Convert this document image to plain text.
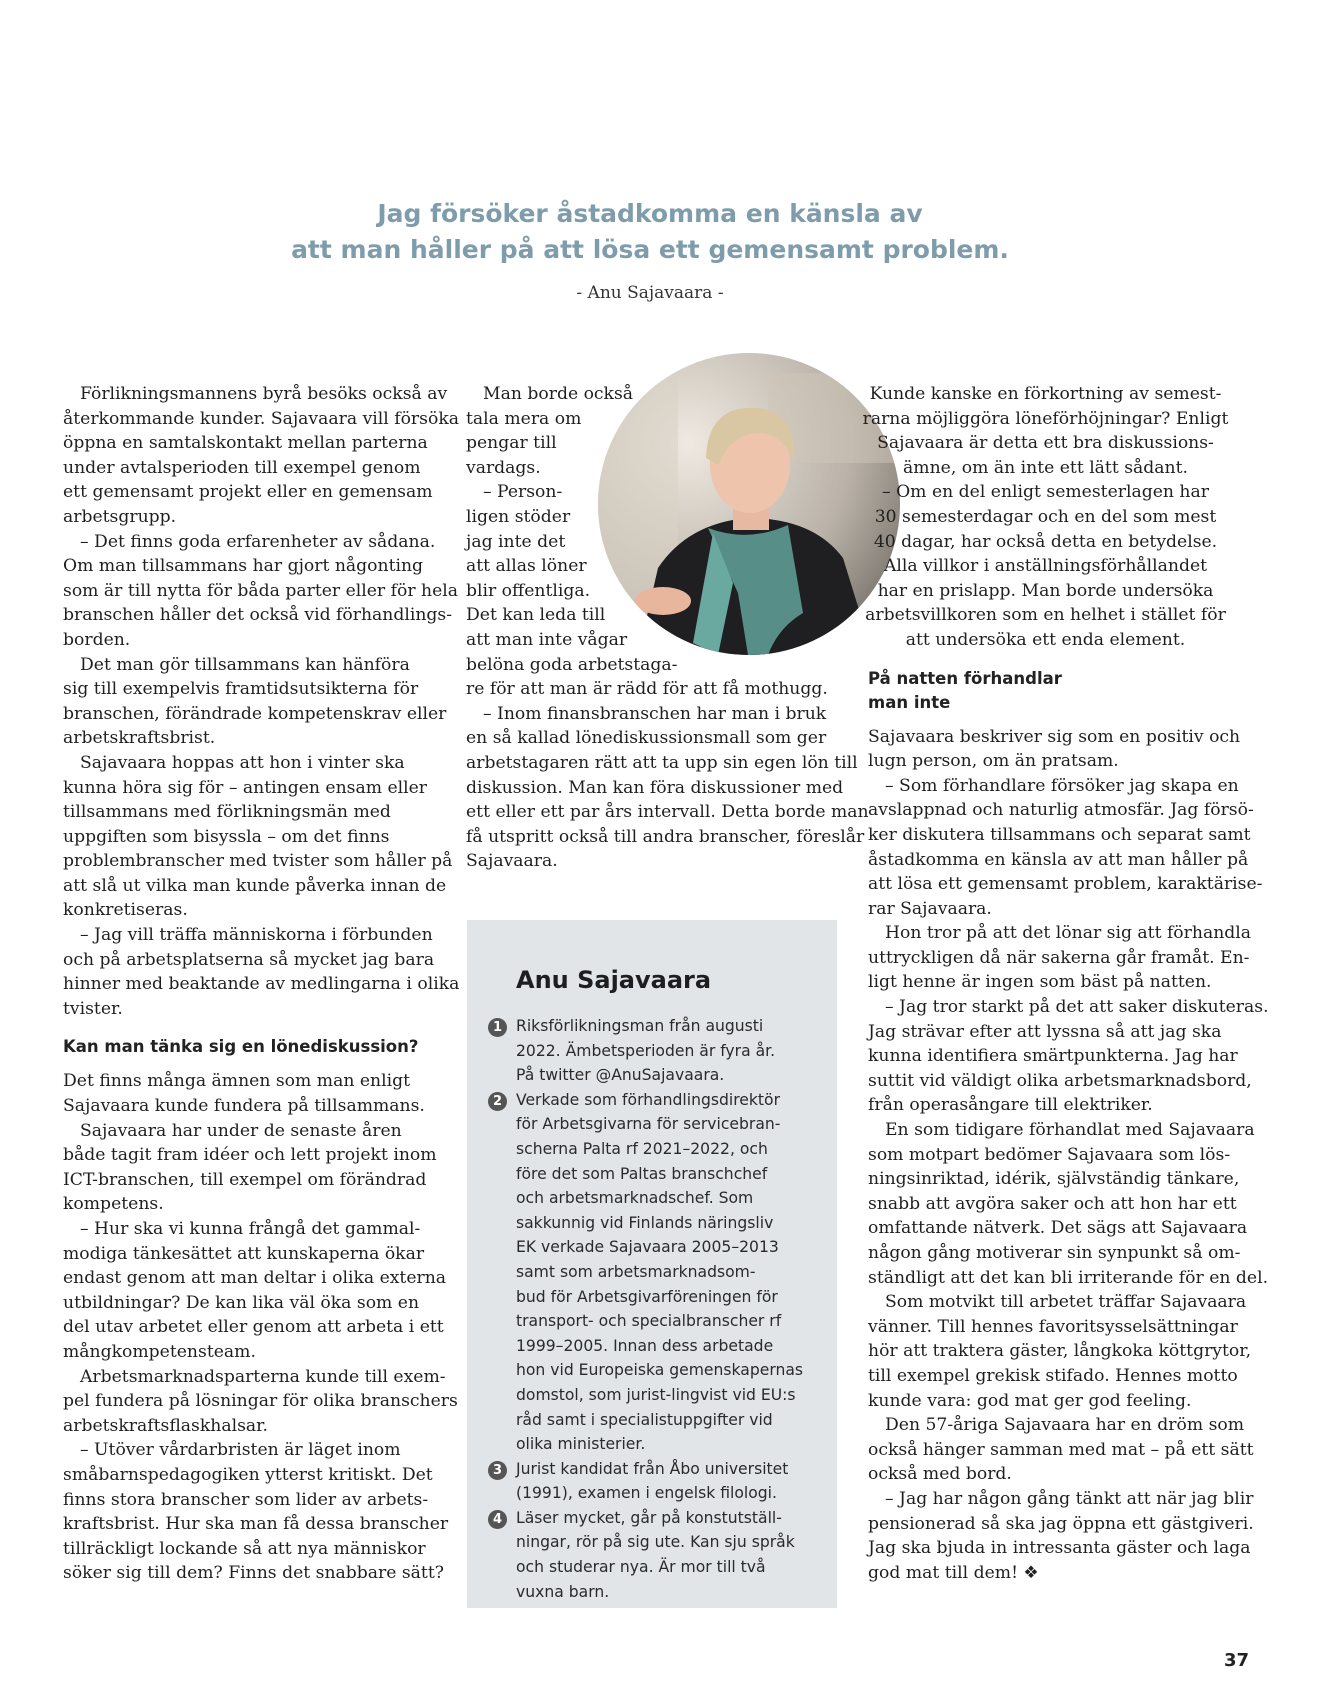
Jag försöker åstadkomma en känsla av
att man håller på att lösa ett gemensamt problem.
- Anu Sajavaara -
Förlikningsmannens byrå besöks också av
återkommande kunder. Sajavaara vill försöka
öppna en samtalskontakt mellan parterna
under avtalsperioden till exempel genom
ett gemensamt projekt eller en gemensam
arbetsgrupp.
– Det finns goda erfarenheter av sådana.
Om man tillsammans har gjort någonting
som är till nytta för båda parter eller för hela
branschen håller det också vid förhandlings-
borden.
Det man gör tillsammans kan hänföra
sig till exempelvis framtidsutsikterna för
branschen, förändrade kompetenskrav eller
arbetskraftsbrist.
Sajavaara hoppas att hon i vinter ska
kunna höra sig för – antingen ensam eller
tillsammans med förlikningsmän med
uppgiften som bisyssla – om det finns
problembranscher med tvister som håller på
att slå ut vilka man kunde påverka innan de
konkretiseras.
– Jag vill träffa människorna i förbunden
och på arbetsplatserna så mycket jag bara
hinner med beaktande av medlingarna i olika
tvister.
Kan man tänka sig en lönediskussion?
Det finns många ämnen som man enligt
Sajavaara kunde fundera på tillsammans.
Sajavaara har under de senaste åren
både tagit fram idéer och lett projekt inom
ICT-branschen, till exempel om förändrad
kompetens.
– Hur ska vi kunna frångå det gammal-
modiga tänkesättet att kunskaperna ökar
endast genom att man deltar i olika externa
utbildningar? De kan lika väl öka som en
del utav arbetet eller genom att arbeta i ett
mångkompetensteam.
Arbetsmarknadsparterna kunde till exem-
pel fundera på lösningar för olika branschers
arbetskraftsflaskhalsar.
– Utöver vårdarbristen är läget inom
småbarnspedagogiken ytterst kritiskt. Det
finns stora branscher som lider av arbets-
kraftsbrist. Hur ska man få dessa branscher
tillräckligt lockande så att nya människor
söker sig till dem? Finns det snabbare sätt?
Man borde också
tala mera om
pengar till
vardags.
– Person-
ligen stöder
jag inte det
att allas löner
blir offentliga.
Det kan leda till
att man inte vågar
belöna goda arbetstaga-
re för att man är rädd för att få mothugg.
– Inom finansbranschen har man i bruk
en så kallad lönediskussionsmall som ger
arbetstagaren rätt att ta upp sin egen lön till
diskussion. Man kan föra diskussioner med
ett eller ett par års intervall. Detta borde man
få utspritt också till andra branscher, föreslår
Sajavaara.
Anu Sajavaara
1 Riksförlikningsman från augusti
2022. Ämbetsperioden är fyra år.
På twitter @AnuSajavaara.
2 Verkade som förhandlingsdirektör
för Arbetsgivarna för servicebran-
scherna Palta rf 2021–2022, och
före det som Paltas branschchef
och arbetsmarknadschef. Som
sakkunnig vid Finlands näringsliv
EK verkade Sajavaara 2005–2013
samt som arbetsmarknadsom-
bud för Arbetsgivarföreningen för
transport- och specialbranscher rf
1999–2005. Innan dess arbetade
hon vid Europeiska gemenskapernas
domstol, som jurist-lingvist vid EU:s
råd samt i specialistuppgifter vid
olika ministerier.
3 Jurist kandidat från Åbo universitet
(1991), examen i engelsk filologi.
4 Läser mycket, går på konstutställ-
ningar, rör på sig ute. Kan sju språk
och studerar nya. Är mor till två
vuxna barn.
Kunde kanske en förkortning av semest-
rarna möjliggöra löneförhöjningar? Enligt
Sajavaara är detta ett bra diskussions-
ämne, om än inte ett lätt sådant.
– Om en del enligt semesterlagen har
30 semesterdagar och en del som mest
40 dagar, har också detta en betydelse.
Alla villkor i anställningsförhållandet
har en prislapp. Man borde undersöka
arbetsvillkoren som en helhet i stället för
att undersöka ett enda element.
På natten förhandlar
man inte
Sajavaara beskriver sig som en positiv och
lugn person, om än pratsam.
– Som förhandlare försöker jag skapa en
avslappnad och naturlig atmosfär. Jag försö-
ker diskutera tillsammans och separat samt
åstadkomma en känsla av att man håller på
att lösa ett gemensamt problem, karaktärise-
rar Sajavaara.
Hon tror på att det lönar sig att förhandla
uttryckligen då när sakerna går framåt. En-
ligt henne är ingen som bäst på natten.
– Jag tror starkt på det att saker diskuteras.
Jag strävar efter att lyssna så att jag ska
kunna identifiera smärtpunkterna. Jag har
suttit vid väldigt olika arbetsmarknadsbord,
från operasångare till elektriker.
En som tidigare förhandlat med Sajavaara
som motpart bedömer Sajavaara som lös-
ningsinriktad, idérik, självständig tänkare,
snabb att avgöra saker och att hon har ett
omfattande nätverk. Det sägs att Sajavaara
någon gång motiverar sin synpunkt så om-
ständligt att det kan bli irriterande för en del.
Som motvikt till arbetet träffar Sajavaara
vänner. Till hennes favoritsysselsättningar
hör att traktera gäster, långkoka köttgrytor,
till exempel grekisk stifado. Hennes motto
kunde vara: god mat ger god feeling.
Den 57-åriga Sajavaara har en dröm som
också hänger samman med mat – på ett sätt
också med bord.
– Jag har någon gång tänkt att när jag blir
pensionerad så ska jag öppna ett gästgiveri.
Jag ska bjuda in intressanta gäster och laga
god mat till dem! ❖
37
